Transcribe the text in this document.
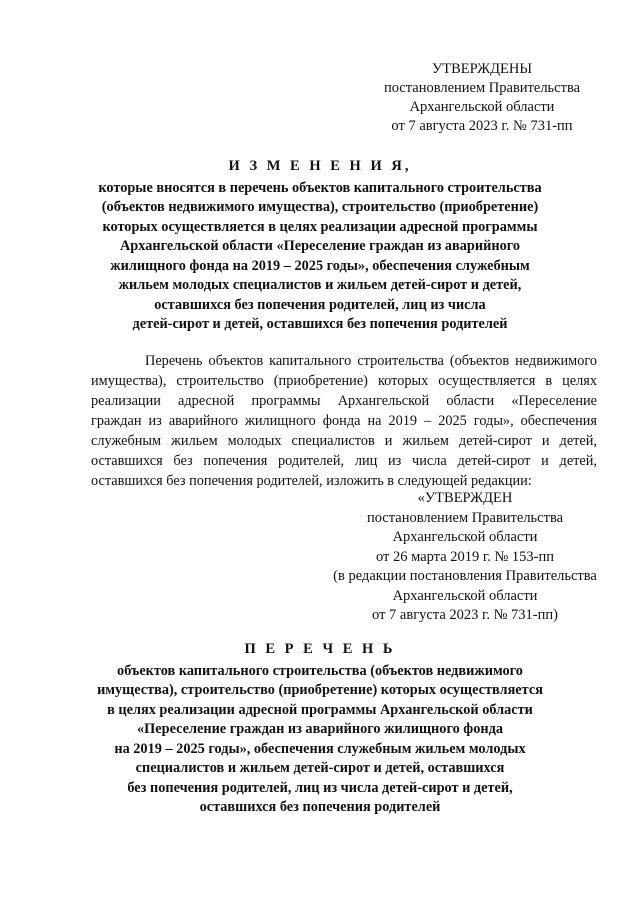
УТВЕРЖДЕНЫ
постановлением Правительства
Архангельской области
от 7 августа 2023 г. № 731-пп
И З М Е Н Е Н И Я,
которые вносятся в перечень объектов капитального строительства
(объектов недвижимого имущества), строительство (приобретение)
которых осуществляется в целях реализации адресной программы
Архангельской области «Переселение граждан из аварийного
жилищного фонда на 2019 – 2025 годы», обеспечения служебным
жильем молодых специалистов и жильем детей-сирот и детей,
оставшихся без попечения родителей, лиц из числа
детей-сирот и детей, оставшихся без попечения родителей
Перечень объектов капитального строительства (объектов недвижимого
имущества), строительство (приобретение) которых осуществляется в целях
реализации адресной программы Архангельской области «Переселение
граждан из аварийного жилищного фонда на 2019 – 2025 годы», обеспечения
служебным жильем молодых специалистов и жильем детей-сирот и детей,
оставшихся без попечения родителей, лиц из числа детей-сирот и детей,
оставшихся без попечения родителей, изложить в следующей редакции:
«УТВЕРЖДЕН
постановлением Правительства
Архангельской области
от 26 марта 2019 г. № 153-пп
(в редакции постановления Правительства
Архангельской области
от 7 августа 2023 г. № 731-пп)
П Е Р Е Ч Е Н Ь
объектов капитального строительства (объектов недвижимого
имущества), строительство (приобретение) которых осуществляется
в целях реализации адресной программы Архангельской области
«Переселение граждан из аварийного жилищного фонда
на 2019 – 2025 годы», обеспечения служебным жильем молодых
специалистов и жильем детей-сирот и детей, оставшихся
без попечения родителей, лиц из числа детей-сирот и детей,
оставшихся без попечения родителей
